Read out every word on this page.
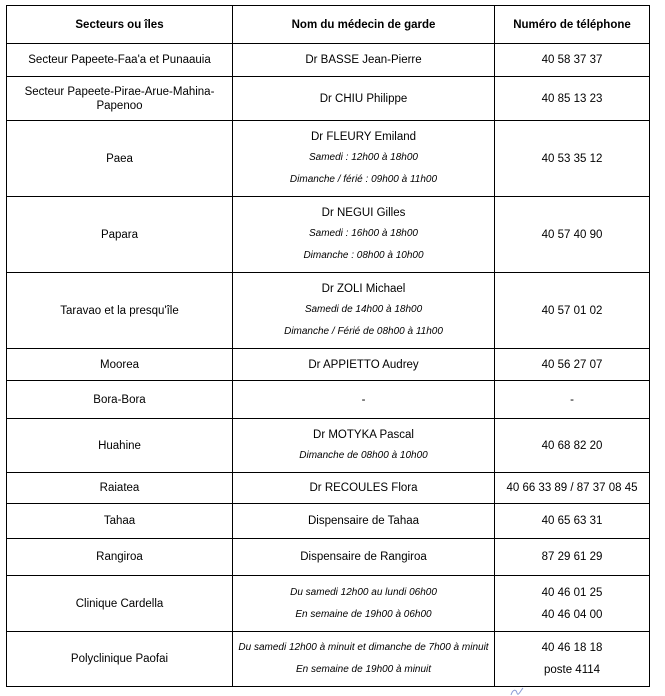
Secteurs ou îles	Nom du médecin de garde	Numéro de téléphone
Secteur Papeete-Faa'a et Punaauia	Dr BASSE Jean-Pierre	40 58 37 37
Secteur Papeete-Pirae-Arue-Mahina-Papenoo	Dr CHIU Philippe	40 85 13 23
Paea	Dr FLEURY Emiland
Samedi : 12h00 à 18h00
Dimanche / férié : 09h00 à 11h00	40 53 35 12
Papara	Dr NEGUI Gilles
Samedi : 16h00 à 18h00
Dimanche : 08h00 à 10h00	40 57 40 90
Taravao et la presqu'île	Dr ZOLI Michael
Samedi de 14h00 à 18h00
Dimanche / Férié de 08h00 à 11h00	40 57 01 02
Moorea	Dr APPIETTO Audrey	40 56 27 07
Bora-Bora	-	-
Huahine	Dr MOTYKA Pascal
Dimanche de 08h00 à 10h00	40 68 82 20
Raiatea	Dr RECOULES Flora	40 66 33 89 / 87 37 08 45
Tahaa	Dispensaire de Tahaa	40 65 63 31
Rangiroa	Dispensaire de Rangiroa	87 29 61 29
Clinique Cardella	Du samedi 12h00 au lundi 06h00
En semaine de 19h00 à 06h00	40 46 01 25
40 46 04 00

Polyclinique Paofai	Du samedi 12h00 à minuit et dimanche de 7h00 à minuit
En semaine de 19h00 à minuit	40 46 18 18
poste 4114
